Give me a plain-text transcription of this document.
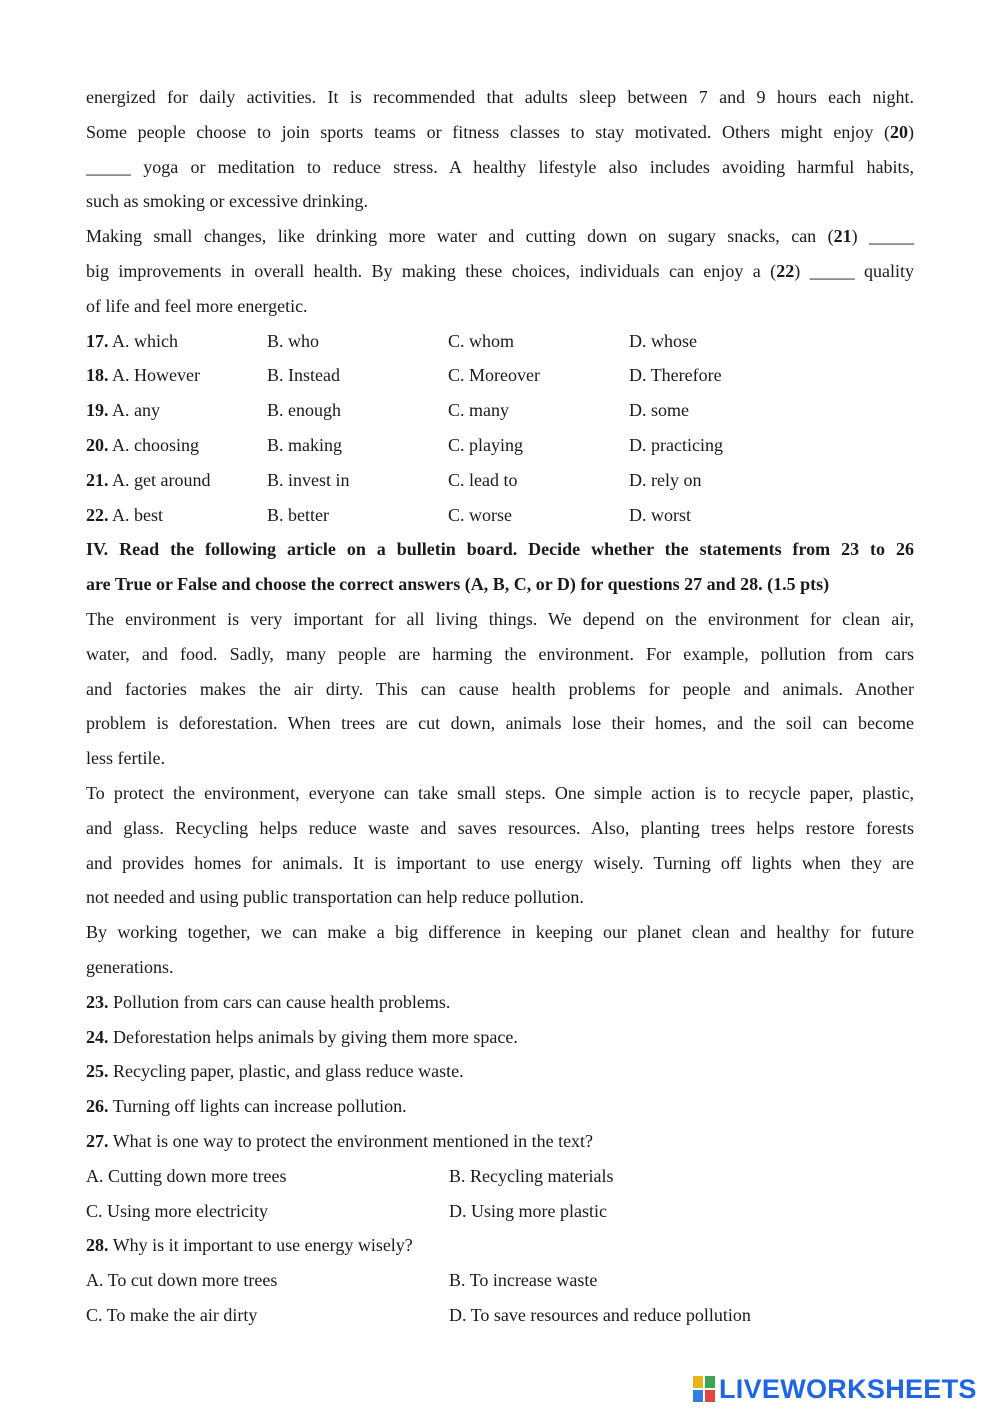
energized for daily activities. It is recommended that adults sleep between 7 and 9 hours each night.
Some people choose to join sports teams or fitness classes to stay motivated. Others might enjoy (20)
_____ yoga or meditation to reduce stress. A healthy lifestyle also includes avoiding harmful habits,
such as smoking or excessive drinking.
Making small changes, like drinking more water and cutting down on sugary snacks, can (21) _____
big improvements in overall health. By making these choices, individuals can enjoy a (22) _____ quality
of life and feel more energetic.
17. A. which	B. who	C. whom	D. whose
18. A. However	B. Instead	C. Moreover	D. Therefore
19. A. any	B. enough	C. many	D. some
20. A. choosing	B. making	C. playing	D. practicing
21. A. get around	B. invest in	C. lead to	D. rely on
22. A. best	B. better	C. worse	D. worst
IV. Read the following article on a bulletin board. Decide whether the statements from 23 to 26
are True or False and choose the correct answers (A, B, C, or D) for questions 27 and 28. (1.5 pts)
The environment is very important for all living things. We depend on the environment for clean air,
water, and food. Sadly, many people are harming the environment. For example, pollution from cars
and factories makes the air dirty. This can cause health problems for people and animals. Another
problem is deforestation. When trees are cut down, animals lose their homes, and the soil can become
less fertile.
To protect the environment, everyone can take small steps. One simple action is to recycle paper, plastic,
and glass. Recycling helps reduce waste and saves resources. Also, planting trees helps restore forests
and provides homes for animals. It is important to use energy wisely. Turning off lights when they are
not needed and using public transportation can help reduce pollution.
By working together, we can make a big difference in keeping our planet clean and healthy for future
generations.
23. Pollution from cars can cause health problems.
24. Deforestation helps animals by giving them more space.
25. Recycling paper, plastic, and glass reduce waste.
26. Turning off lights can increase pollution.
27. What is one way to protect the environment mentioned in the text?
A. Cutting down more trees	B. Recycling materials
C. Using more electricity	D. Using more plastic
28. Why is it important to use energy wisely?
A. To cut down more trees	B. To increase waste
C. To make the air dirty	D. To save resources and reduce pollution
LIVEWORKSHEETS
